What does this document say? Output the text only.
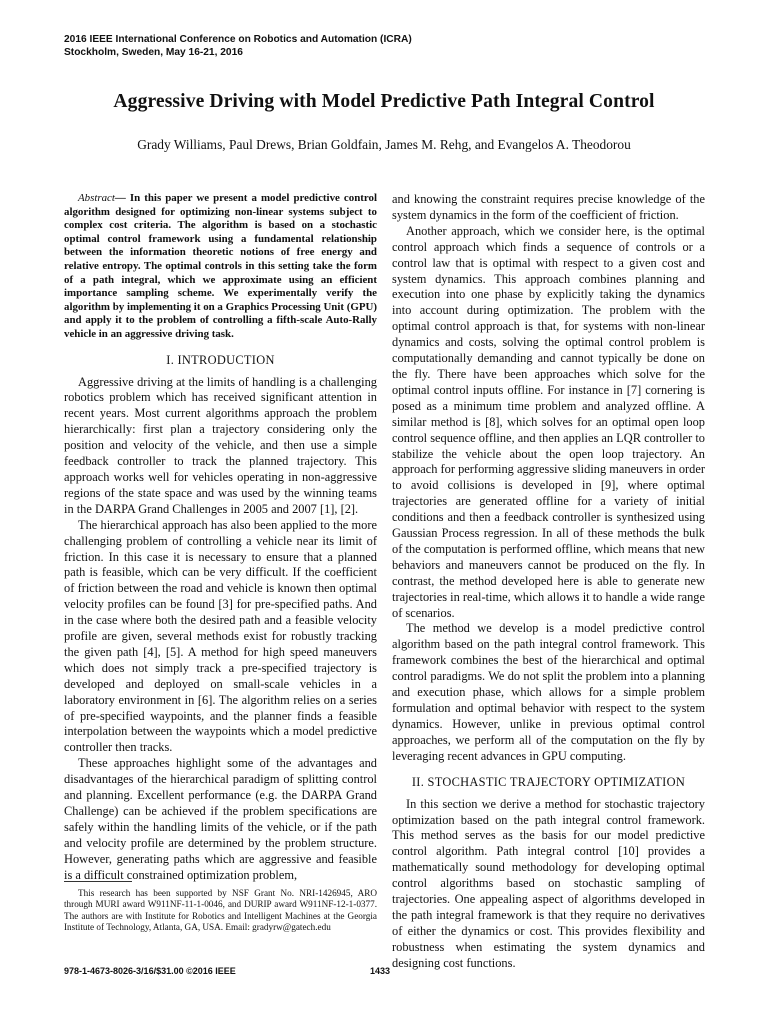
2016 IEEE International Conference on Robotics and Automation (ICRA)
Stockholm, Sweden, May 16-21, 2016
Aggressive Driving with Model Predictive Path Integral Control
Grady Williams, Paul Drews, Brian Goldfain, James M. Rehg, and Evangelos A. Theodorou

Abstract— In this paper we present a model predictive control algorithm designed for optimizing non-linear systems subject to complex cost criteria. The algorithm is based on a stochastic optimal control framework using a fundamental relationship between the information theoretic notions of free energy and relative entropy. The optimal controls in this setting take the form of a path integral, which we approximate using an efficient importance sampling scheme. We experimentally verify the algorithm by implementing it on a Graphics Processing Unit (GPU) and apply it to the problem of controlling a fifth-scale Auto-Rally vehicle in an aggressive driving task.

I. INTRODUCTION

Aggressive driving at the limits of handling is a challenging robotics problem which has received significant attention in recent years. Most current algorithms approach the problem hierarchically: first plan a trajectory considering only the position and velocity of the vehicle, and then use a simple feedback controller to track the planned trajectory. This approach works well for vehicles operating in non-aggressive regions of the state space and was used by the winning teams in the DARPA Grand Challenges in 2005 and 2007 [1], [2].

The hierarchical approach has also been applied to the more challenging problem of controlling a vehicle near its limit of friction. In this case it is necessary to ensure that a planned path is feasible, which can be very difficult. If the coefficient of friction between the road and vehicle is known then optimal velocity profiles can be found [3] for pre-specified paths. And in the case where both the desired path and a feasible velocity profile are given, several methods exist for robustly tracking the given path [4], [5]. A method for high speed maneuvers which does not simply track a pre-specified trajectory is developed and deployed on small-scale vehicles in a laboratory environment in [6]. The algorithm relies on a series of pre-specified waypoints, and the planner finds a feasible interpolation between the waypoints which a model predictive controller then tracks.

These approaches highlight some of the advantages and disadvantages of the hierarchical paradigm of splitting control and planning. Excellent performance (e.g. the DARPA Grand Challenge) can be achieved if the problem specifications are safely within the handling limits of the vehicle, or if the path and velocity profile are determined by the problem structure. However, generating paths which are aggressive and feasible is a difficult constrained optimization problem,

and knowing the constraint requires precise knowledge of the system dynamics in the form of the coefficient of friction.

Another approach, which we consider here, is the optimal control approach which finds a sequence of controls or a control law that is optimal with respect to a given cost and system dynamics. This approach combines planning and execution into one phase by explicitly taking the dynamics into account during optimization. The problem with the optimal control approach is that, for systems with non-linear dynamics and costs, solving the optimal control problem is computationally demanding and cannot typically be done on the fly. There have been approaches which solve for the optimal control inputs offline. For instance in [7] cornering is posed as a minimum time problem and analyzed offline. A similar method is [8], which solves for an optimal open loop control sequence offline, and then applies an LQR controller to stabilize the vehicle about the open loop trajectory. An approach for performing aggressive sliding maneuvers in order to avoid collisions is developed in [9], where optimal trajectories are generated offline for a variety of initial conditions and then a feedback controller is synthesized using Gaussian Process regression. In all of these methods the bulk of the computation is performed offline, which means that new behaviors and maneuvers cannot be produced on the fly. In contrast, the method developed here is able to generate new trajectories in real-time, which allows it to handle a wide range of scenarios.

The method we develop is a model predictive control algorithm based on the path integral control framework. This framework combines the best of the hierarchical and optimal control paradigms. We do not split the problem into a planning and execution phase, which allows for a simple problem formulation and optimal behavior with respect to the system dynamics. However, unlike in previous optimal control approaches, we perform all of the computation on the fly by leveraging recent advances in GPU computing.

II. STOCHASTIC TRAJECTORY OPTIMIZATION

In this section we derive a method for stochastic trajectory optimization based on the path integral control framework. This method serves as the basis for our model predictive control algorithm. Path integral control [10] provides a mathematically sound methodology for developing optimal control algorithms based on stochastic sampling of trajectories. One appealing aspect of algorithms developed in the path integral framework is that they require no derivatives of either the dynamics or cost. This provides flexibility and robustness when estimating the system dynamics and designing cost functions.

This research has been supported by NSF Grant No. NRI-1426945, ARO through MURI award W911NF-11-1-0046, and DURIP award W911NF-12-1-0377. The authors are with Institute for Robotics and Intelligent Machines at the Georgia Institute of Technology, Atlanta, GA, USA. Email: gradyrw@gatech.edu
978-1-4673-8026-3/16/$31.00 ©2016 IEEE	1433
